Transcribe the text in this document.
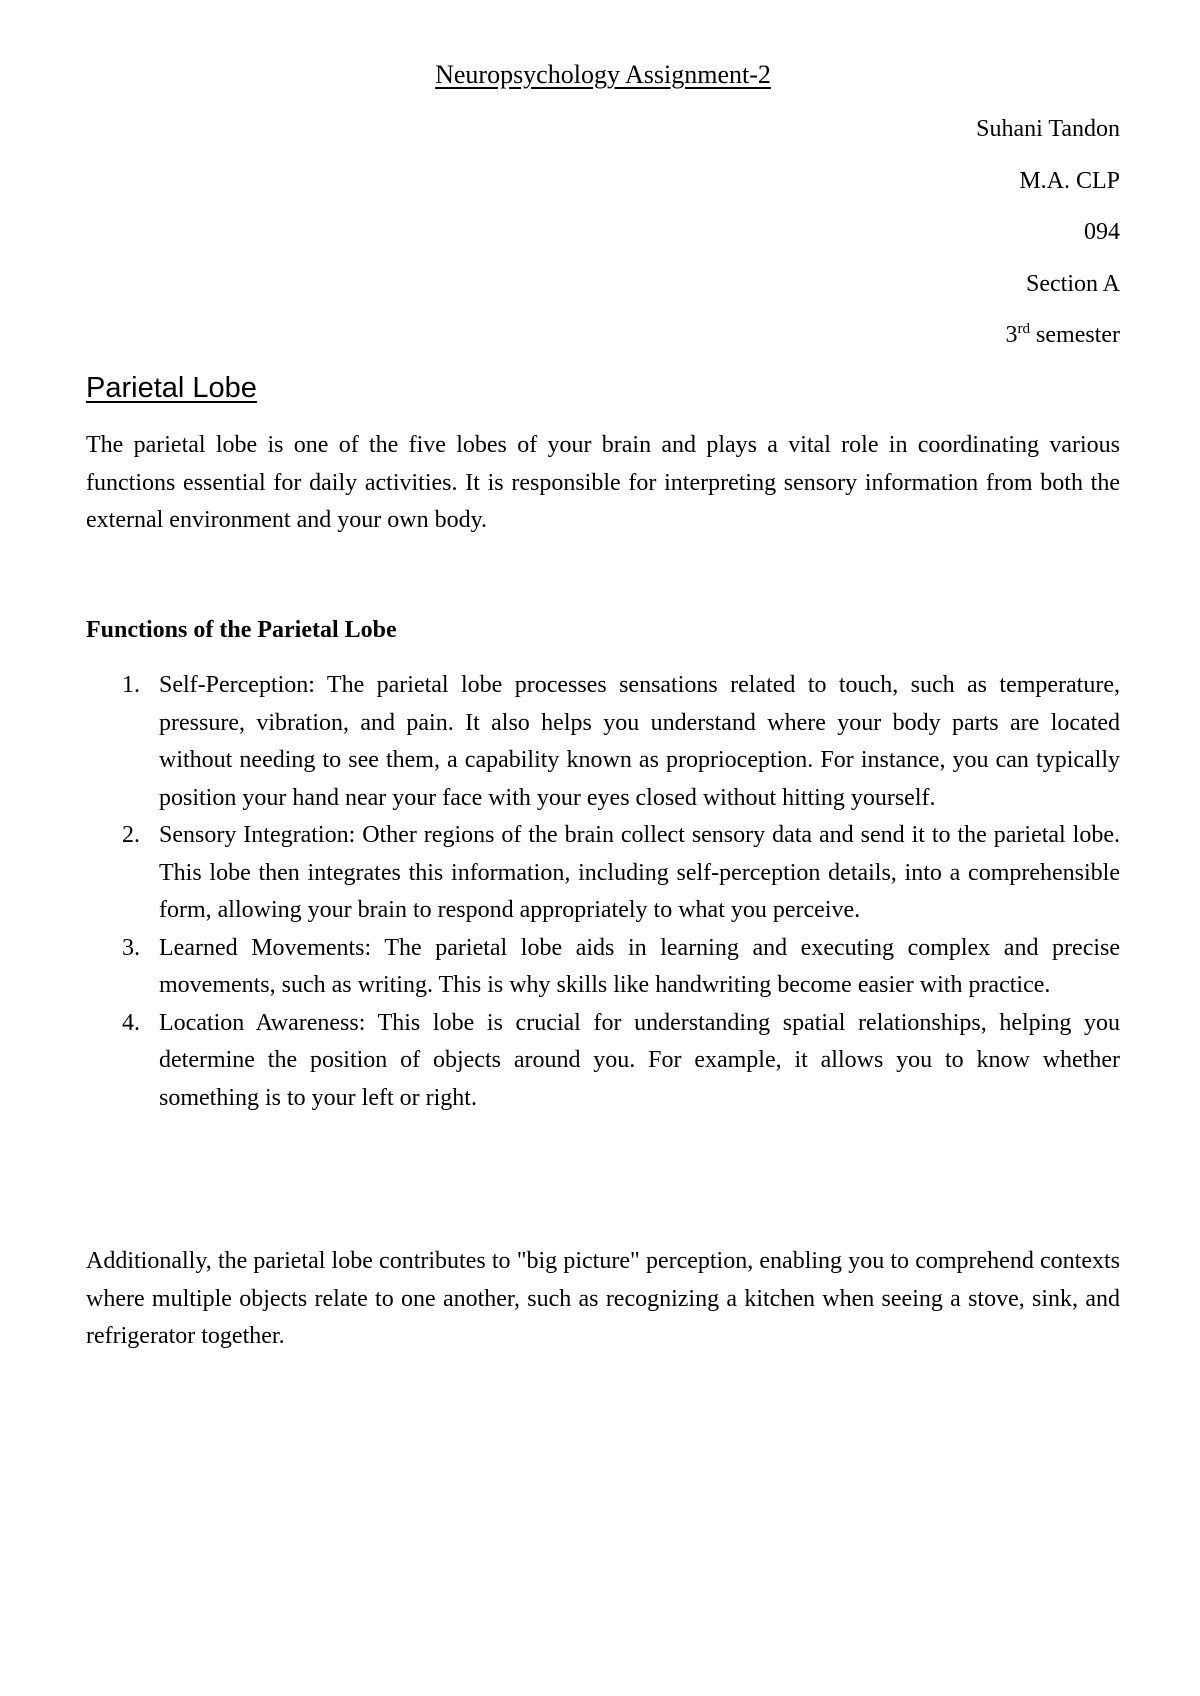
Neuropsychology Assignment-2
Suhani Tandon
M.A. CLP
094
Section A
3rd semester
Parietal Lobe
The parietal lobe is one of the five lobes of your brain and plays a vital role in coordinating various functions essential for daily activities. It is responsible for interpreting sensory information from both the external environment and your own body.
Functions of the Parietal Lobe
1. Self-Perception: The parietal lobe processes sensations related to touch, such as temperature, pressure, vibration, and pain. It also helps you understand where your body parts are located without needing to see them, a capability known as proprioception. For instance, you can typically position your hand near your face with your eyes closed without hitting yourself.
2. Sensory Integration: Other regions of the brain collect sensory data and send it to the parietal lobe. This lobe then integrates this information, including self-perception details, into a comprehensible form, allowing your brain to respond appropriately to what you perceive.
3. Learned Movements: The parietal lobe aids in learning and executing complex and precise movements, such as writing. This is why skills like handwriting become easier with practice.
4. Location Awareness: This lobe is crucial for understanding spatial relationships, helping you determine the position of objects around you. For example, it allows you to know whether something is to your left or right.
Additionally, the parietal lobe contributes to "big picture" perception, enabling you to comprehend contexts where multiple objects relate to one another, such as recognizing a kitchen when seeing a stove, sink, and refrigerator together.
